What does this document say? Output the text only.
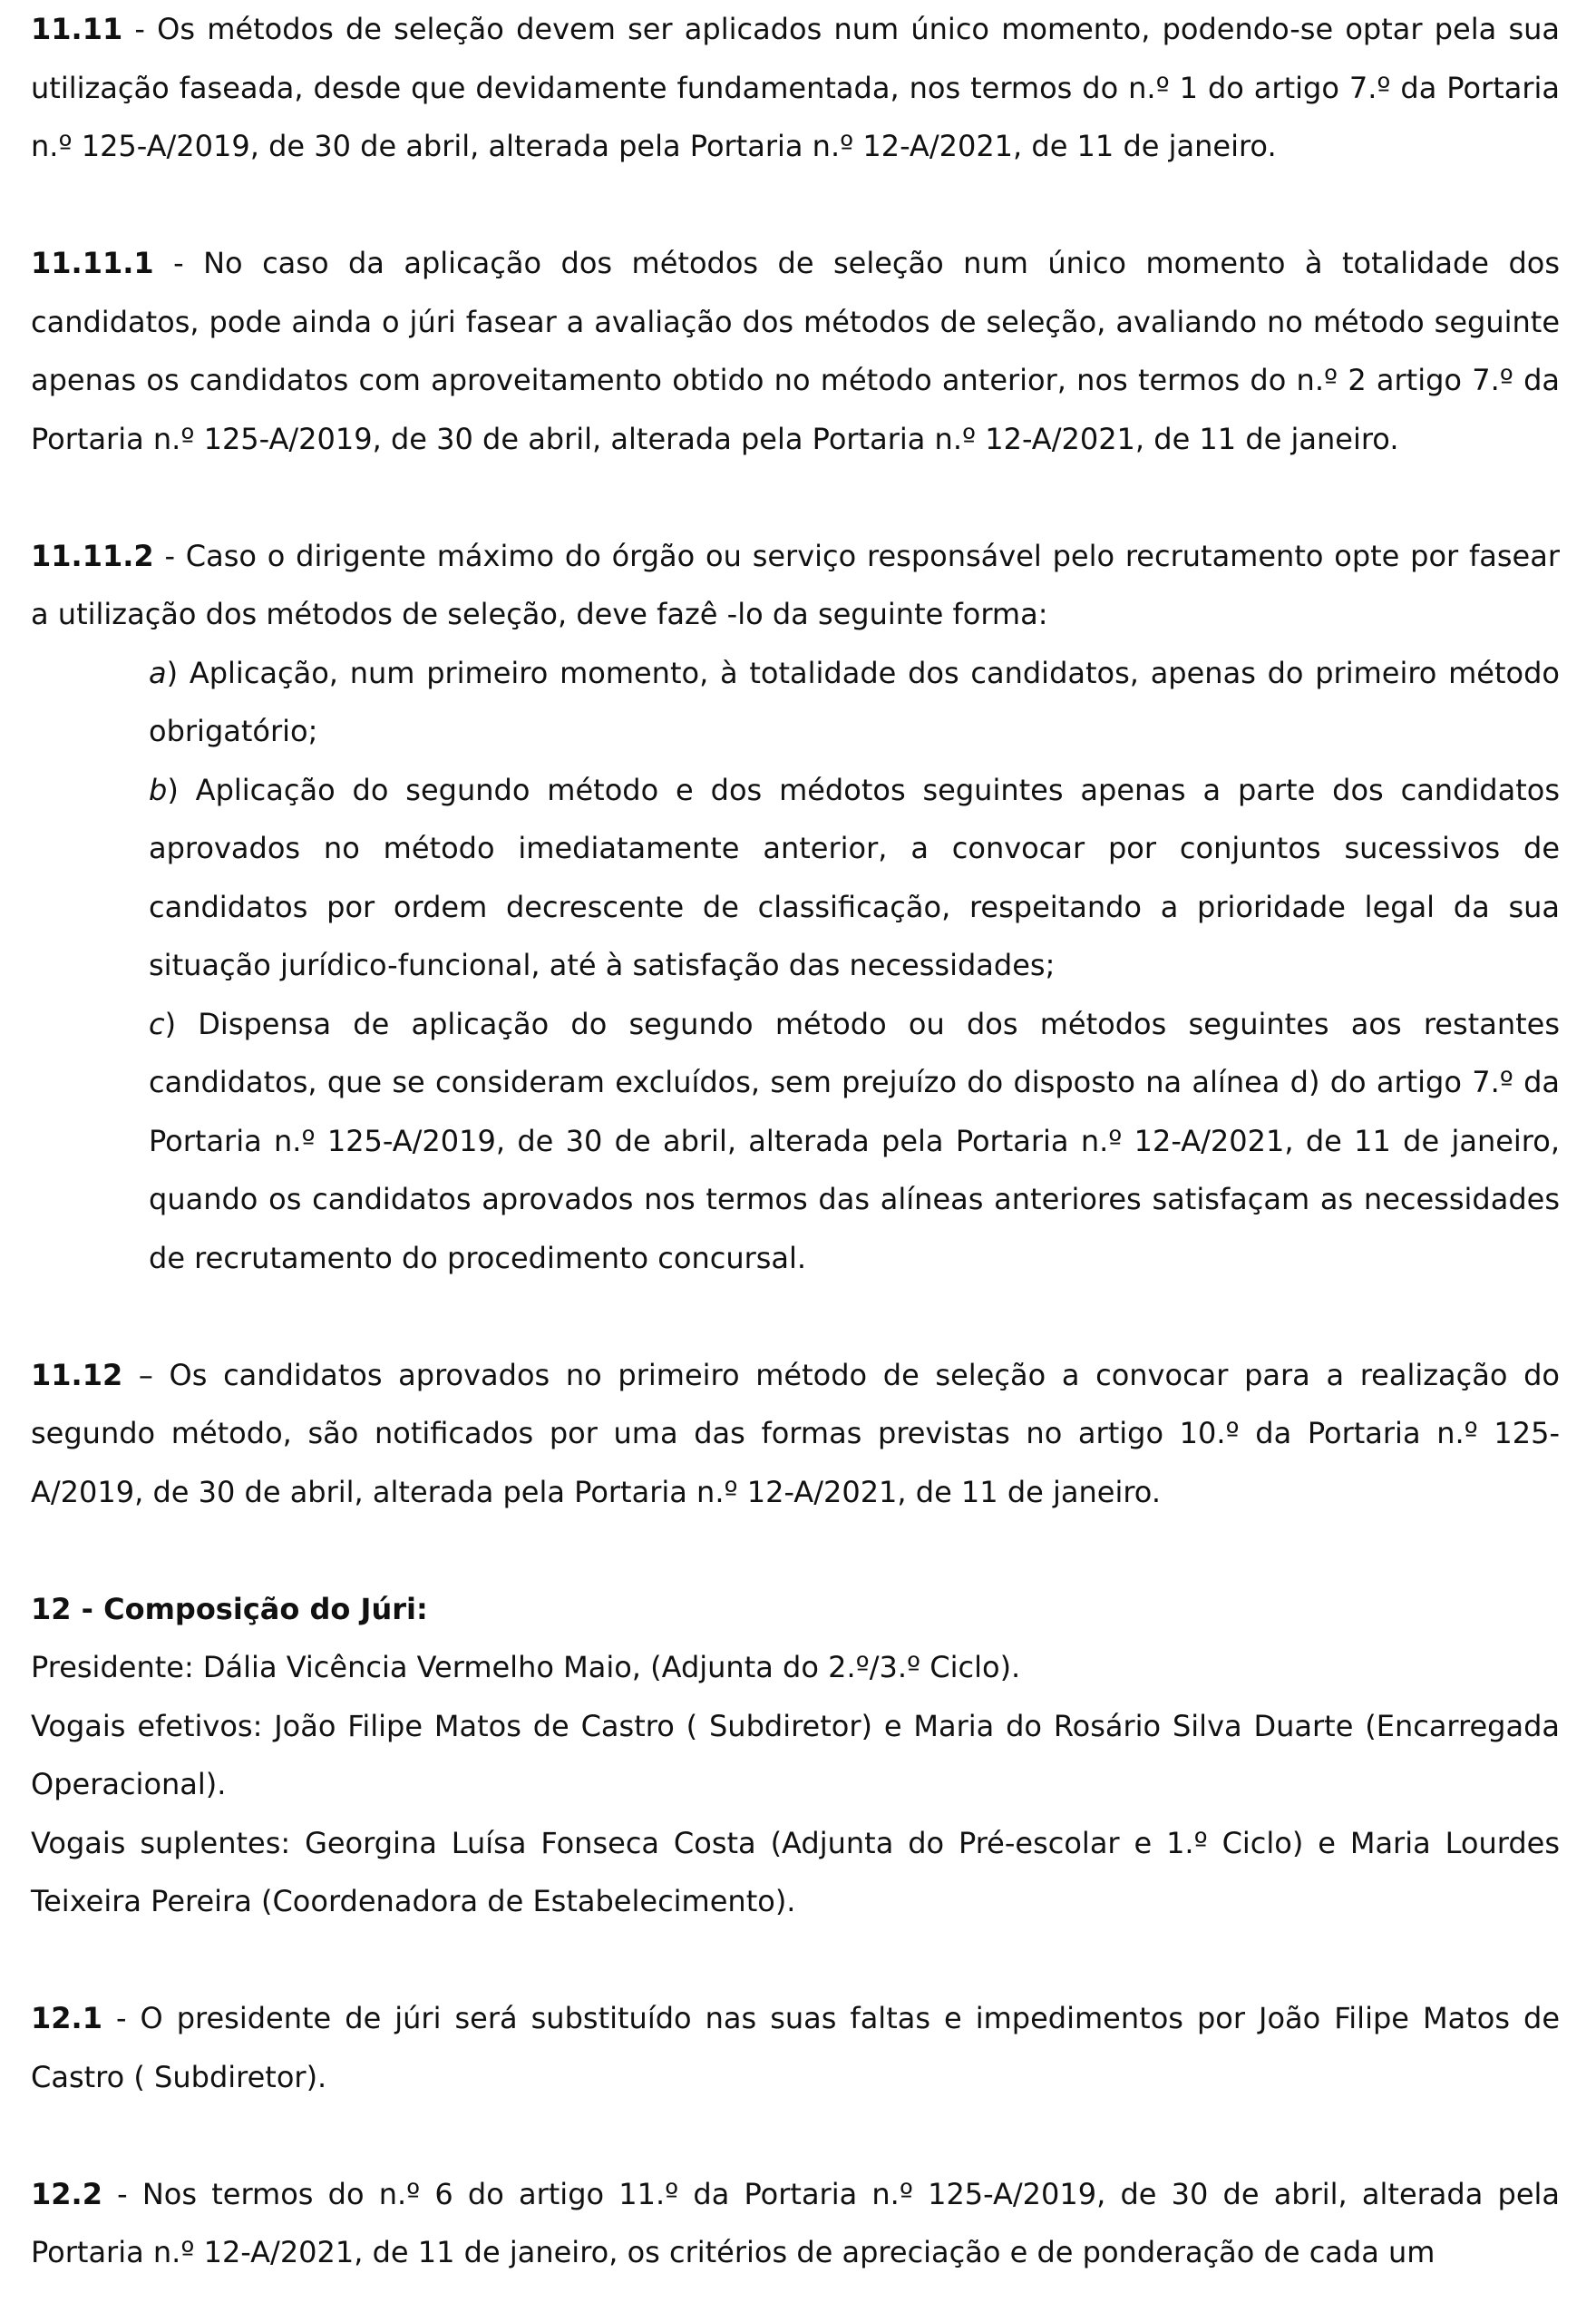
11.11 - Os métodos de seleção devem ser aplicados num único momento, podendo-se optar pela sua utilização faseada, desde que devidamente fundamentada, nos termos do n.º 1 do artigo 7.º da Portaria n.º 125-A/2019, de 30 de abril, alterada pela Portaria n.º 12-A/2021, de 11 de janeiro.

11.11.1 - No caso da aplicação dos métodos de seleção num único momento à totalidade dos candidatos, pode ainda o júri fasear a avaliação dos métodos de seleção, avaliando no método seguinte apenas os candidatos com aproveitamento obtido no método anterior, nos termos do n.º 2 artigo 7.º da Portaria n.º 125-A/2019, de 30 de abril, alterada pela Portaria n.º 12-A/2021, de 11 de janeiro.

11.11.2 - Caso o dirigente máximo do órgão ou serviço responsável pelo recrutamento opte por fasear a utilização dos métodos de seleção, deve fazê -lo da seguinte forma:

a) Aplicação, num primeiro momento, à totalidade dos candidatos, apenas do primeiro método obrigatório;

b) Aplicação do segundo método e dos médotos seguintes apenas a parte dos candidatos aprovados no método imediatamente anterior, a convocar por conjuntos sucessivos de candidatos por ordem decrescente de classificação, respeitando a prioridade legal da sua situação jurídico-funcional, até à satisfação das necessidades;

c) Dispensa de aplicação do segundo método ou dos métodos seguintes aos restantes candidatos, que se consideram excluídos, sem prejuízo do disposto na alínea d) do artigo 7.º da Portaria n.º 125-A/2019, de 30 de abril, alterada pela Portaria n.º 12-A/2021, de 11 de janeiro, quando os candidatos aprovados nos termos das alíneas anteriores satisfaçam as necessidades de recrutamento do procedimento concursal.

11.12 – Os candidatos aprovados no primeiro método de seleção a convocar para a realização do segundo método, são notificados por uma das formas previstas no artigo 10.º da Portaria n.º 125-A/2019, de 30 de abril, alterada pela Portaria n.º 12-A/2021, de 11 de janeiro.

12 - Composição do Júri:

Presidente: Dália Vicência Vermelho Maio, (Adjunta do 2.º/3.º Ciclo).

Vogais efetivos: João Filipe Matos de Castro ( Subdiretor) e Maria do Rosário Silva Duarte (Encarregada Operacional).

Vogais suplentes: Georgina Luísa Fonseca Costa (Adjunta do Pré-escolar e 1.º Ciclo) e Maria Lourdes Teixeira Pereira (Coordenadora de Estabelecimento).

12.1 - O presidente de júri será substituído nas suas faltas e impedimentos por João Filipe Matos de Castro ( Subdiretor).

12.2 - Nos termos do n.º 6 do artigo 11.º da Portaria n.º 125-A/2019, de 30 de abril, alterada pela Portaria n.º 12-A/2021, de 11 de janeiro, os critérios de apreciação e de ponderação de cada um
